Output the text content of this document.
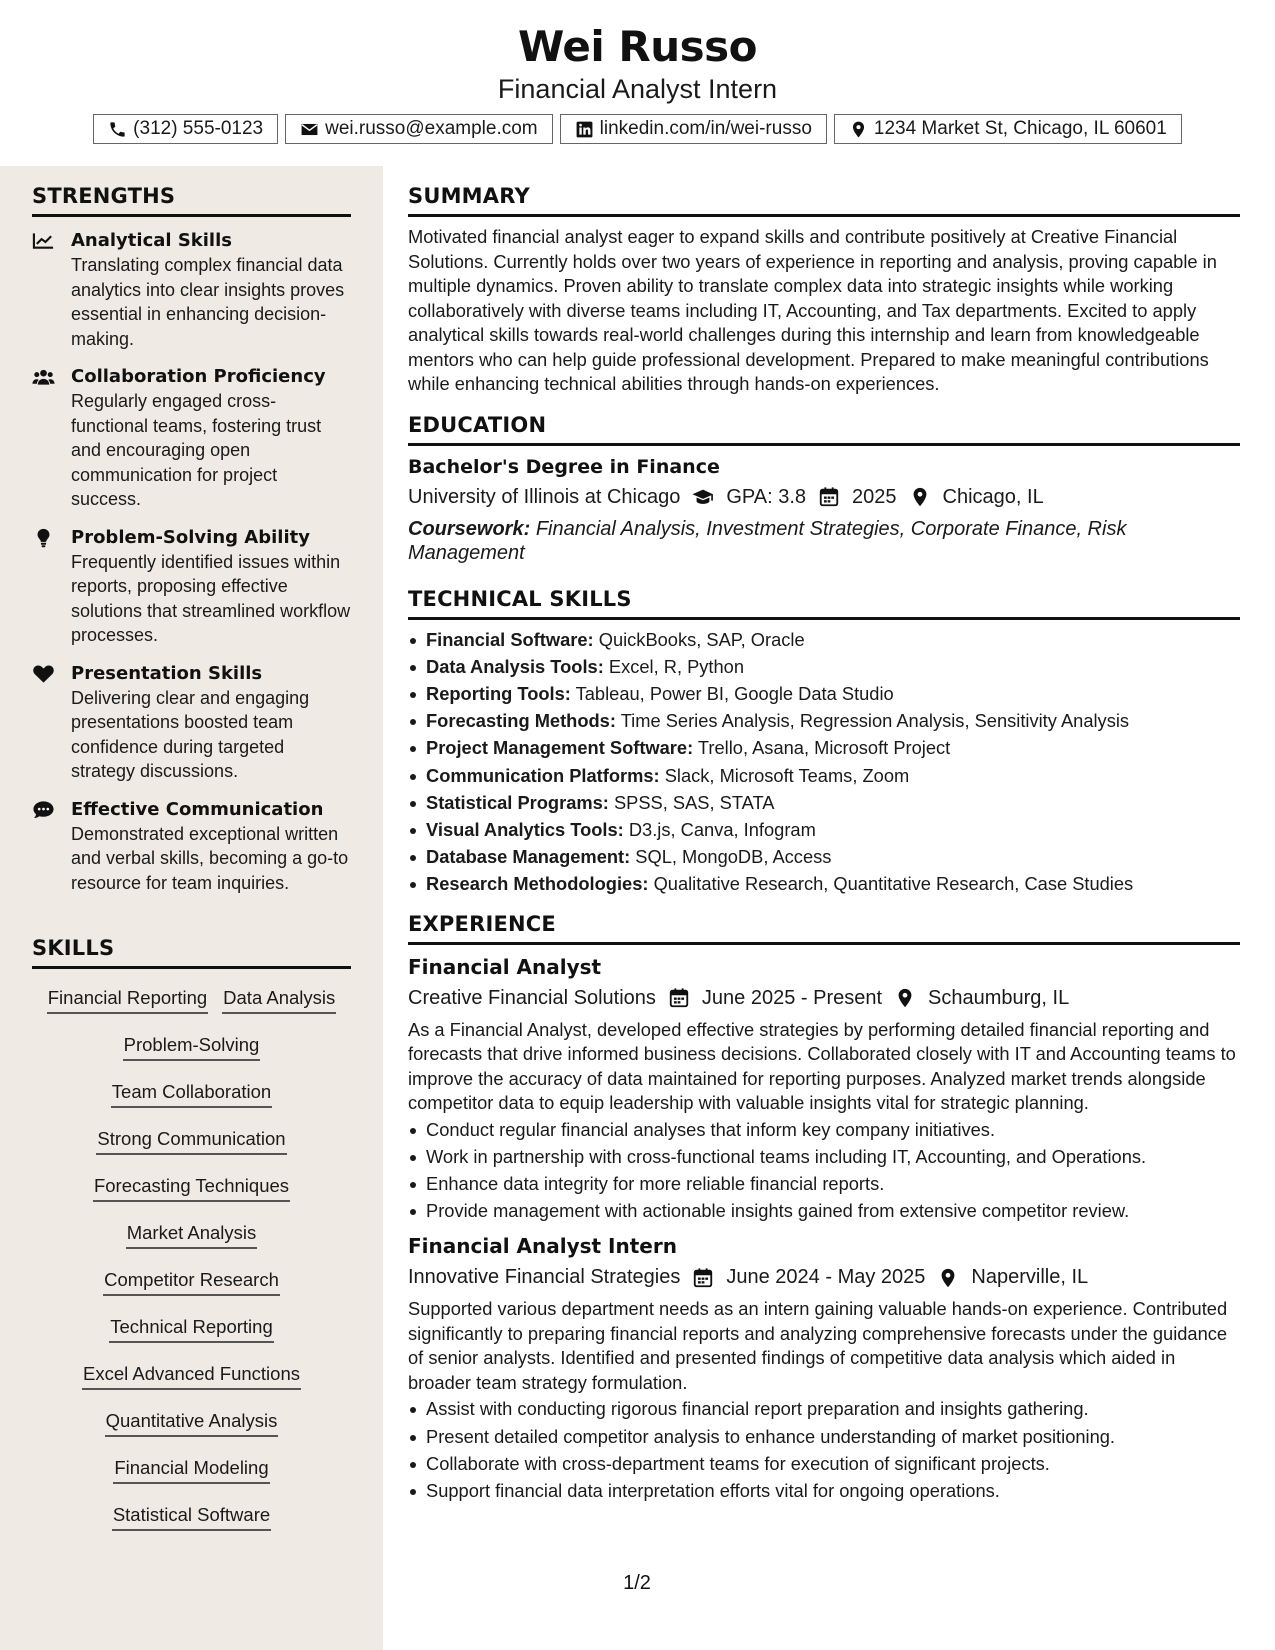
Wei Russo
Financial Analyst Intern
(312) 555-0123	wei.russo@example.com	linkedin.com/in/wei-russo	1234 Market St, Chicago, IL 60601
STRENGTHS
Analytical Skills
Translating complex financial data analytics into clear insights proves essential in enhancing decision-making.
Collaboration Proficiency
Regularly engaged cross-functional teams, fostering trust and encouraging open communication for project success.
Problem-Solving Ability
Frequently identified issues within reports, proposing effective solutions that streamlined workflow processes.
Presentation Skills
Delivering clear and engaging presentations boosted team confidence during targeted strategy discussions.
Effective Communication
Demonstrated exceptional written and verbal skills, becoming a go-to resource for team inquiries.
SKILLS
Financial Reporting Data Analysis
Problem-Solving
Team Collaboration
Strong Communication
Forecasting Techniques
Market Analysis
Competitor Research
Technical Reporting
Excel Advanced Functions
Quantitative Analysis
Financial Modeling
Statistical Software
SUMMARY
Motivated financial analyst eager to expand skills and contribute positively at Creative Financial Solutions. Currently holds over two years of experience in reporting and analysis, proving capable in multiple dynamics. Proven ability to translate complex data into strategic insights while working collaboratively with diverse teams including IT, Accounting, and Tax departments. Excited to apply analytical skills towards real-world challenges during this internship and learn from knowledgeable mentors who can help guide professional development. Prepared to make meaningful contributions while enhancing technical abilities through hands-on experiences.
EDUCATION
Bachelor's Degree in Finance
University of Illinois at Chicago GPA: 3.8 2025 Chicago, IL
Coursework: Financial Analysis, Investment Strategies, Corporate Finance, Risk Management
TECHNICAL SKILLS
Financial Software: QuickBooks, SAP, Oracle
Data Analysis Tools: Excel, R, Python
Reporting Tools: Tableau, Power BI, Google Data Studio
Forecasting Methods: Time Series Analysis, Regression Analysis, Sensitivity Analysis
Project Management Software: Trello, Asana, Microsoft Project
Communication Platforms: Slack, Microsoft Teams, Zoom
Statistical Programs: SPSS, SAS, STATA
Visual Analytics Tools: D3.js, Canva, Infogram
Database Management: SQL, MongoDB, Access
Research Methodologies: Qualitative Research, Quantitative Research, Case Studies
EXPERIENCE
Financial Analyst
Creative Financial Solutions June 2025 - Present Schaumburg, IL
As a Financial Analyst, developed effective strategies by performing detailed financial reporting and forecasts that drive informed business decisions. Collaborated closely with IT and Accounting teams to improve the accuracy of data maintained for reporting purposes. Analyzed market trends alongside competitor data to equip leadership with valuable insights vital for strategic planning.
Conduct regular financial analyses that inform key company initiatives.
Work in partnership with cross-functional teams including IT, Accounting, and Operations.
Enhance data integrity for more reliable financial reports.
Provide management with actionable insights gained from extensive competitor review.
Financial Analyst Intern
Innovative Financial Strategies June 2024 - May 2025 Naperville, IL
Supported various department needs as an intern gaining valuable hands-on experience. Contributed significantly to preparing financial reports and analyzing comprehensive forecasts under the guidance of senior analysts. Identified and presented findings of competitive data analysis which aided in broader team strategy formulation.
Assist with conducting rigorous financial report preparation and insights gathering.
Present detailed competitor analysis to enhance understanding of market positioning.
Collaborate with cross-department teams for execution of significant projects.
Support financial data interpretation efforts vital for ongoing operations.
1/2
